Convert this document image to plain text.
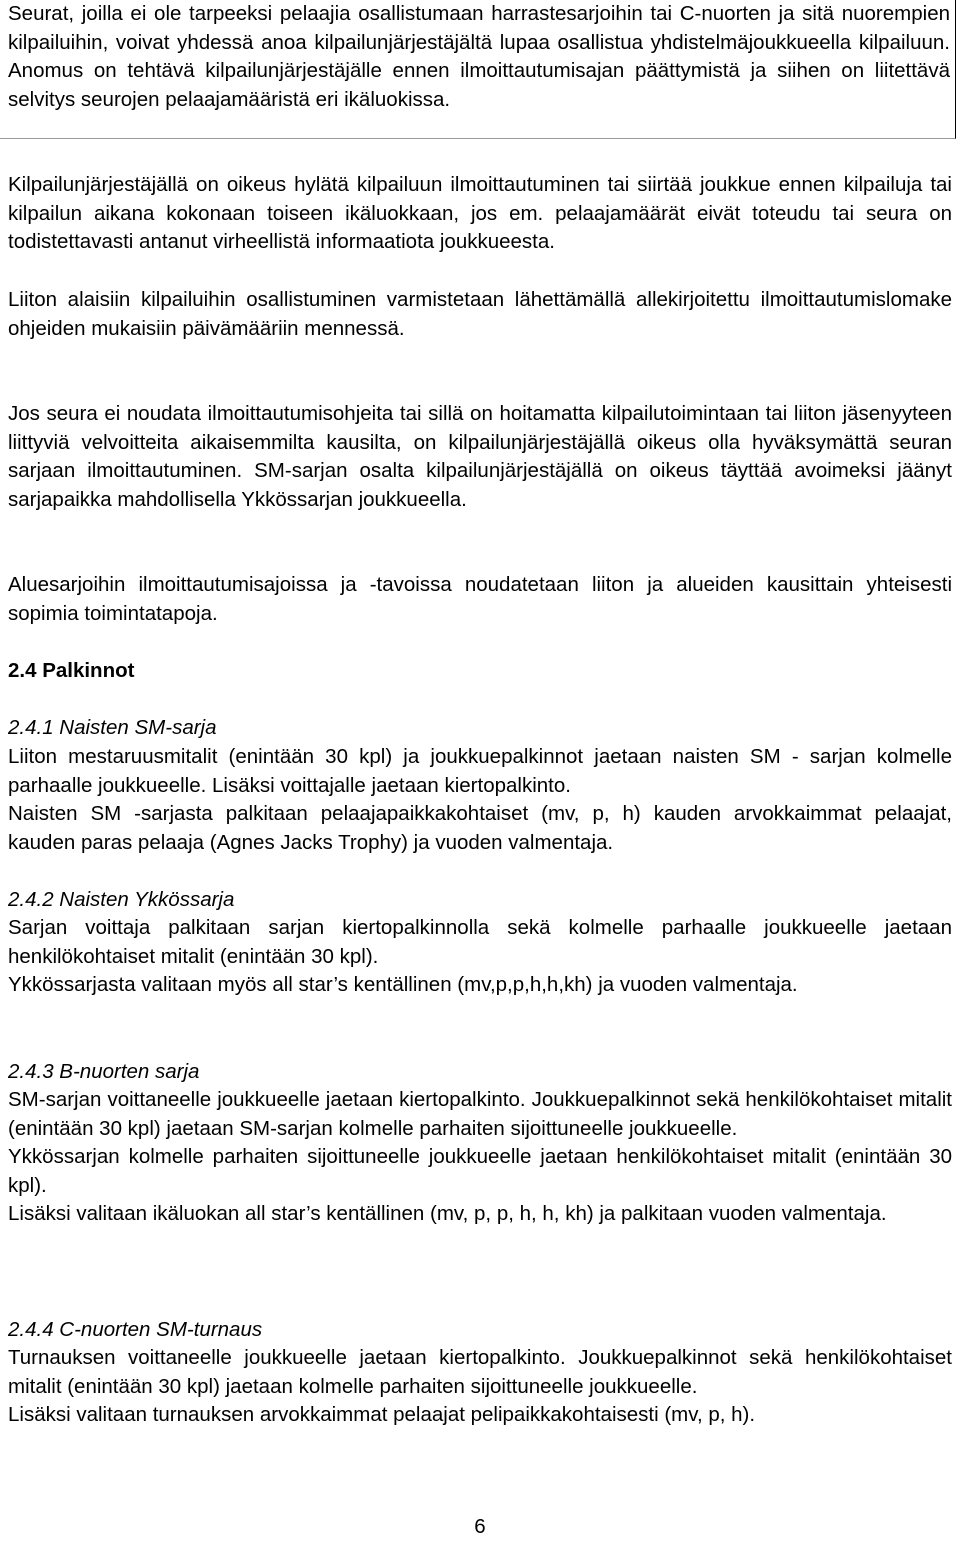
Seurat, joilla ei ole tarpeeksi pelaajia osallistumaan harrastesarjoihin tai C-nuorten ja sitä nuorempien kilpailuihin, voivat yhdessä anoa kilpailunjärjestäjältä lupaa osallistua yhdistelmäjoukkueella kilpailuun. Anomus on tehtävä kilpailunjärjestäjälle ennen ilmoittautumisajan päättymistä ja siihen on liitettävä selvitys seurojen pelaajamääristä eri ikäluokissa.

Kilpailunjärjestäjällä on oikeus hylätä kilpailuun ilmoittautuminen tai siirtää joukkue ennen kilpailuja tai kilpailun aikana kokonaan toiseen ikäluokkaan, jos em. pelaajamäärät eivät toteudu tai seura on todistettavasti antanut virheellistä informaatiota joukkueesta.

Liiton alaisiin kilpailuihin osallistuminen varmistetaan lähettämällä allekirjoitettu ilmoittautumislomake ohjeiden mukaisiin päivämääriin mennessä.

Jos seura ei noudata ilmoittautumisohjeita tai sillä on hoitamatta kilpailutoimintaan tai liiton jäsenyyteen liittyviä velvoitteita aikaisemmilta kausilta, on kilpailunjärjestäjällä oikeus olla hyväksymättä seuran sarjaan ilmoittautuminen. SM-sarjan osalta kilpailunjärjestäjällä on oikeus täyttää avoimeksi jäänyt sarjapaikka mahdollisella Ykkössarjan joukkueella.

Aluesarjoihin ilmoittautumisajoissa ja -tavoissa noudatetaan liiton ja alueiden kausittain yhteisesti sopimia toimintatapoja.

2.4 Palkinnot

2.4.1 Naisten SM-sarja

Liiton mestaruusmitalit (enintään 30 kpl) ja joukkuepalkinnot jaetaan naisten SM - sarjan kolmelle parhaalle joukkueelle. Lisäksi voittajalle jaetaan kiertopalkinto.
Naisten SM -sarjasta palkitaan pelaajapaikkakohtaiset (mv, p, h) kauden arvokkaimmat pelaajat, kauden paras pelaaja (Agnes Jacks Trophy) ja vuoden valmentaja.

2.4.2 Naisten Ykkössarja

Sarjan voittaja palkitaan sarjan kiertopalkinnolla sekä kolmelle parhaalle joukkueelle jaetaan henkilökohtaiset mitalit (enintään 30 kpl).
Ykkössarjasta valitaan myös all star’s kentällinen (mv,p,p,h,h,kh) ja vuoden valmentaja.

2.4.3 B-nuorten sarja

SM-sarjan voittaneelle joukkueelle jaetaan kiertopalkinto. Joukkuepalkinnot sekä henkilökohtaiset mitalit (enintään 30 kpl) jaetaan SM-sarjan kolmelle parhaiten sijoittuneelle joukkueelle.
Ykkössarjan kolmelle parhaiten sijoittuneelle joukkueelle jaetaan henkilökohtaiset mitalit (enintään 30 kpl).
Lisäksi valitaan ikäluokan all star’s kentällinen (mv, p, p, h, h, kh) ja palkitaan vuoden valmentaja.

2.4.4 C-nuorten SM-turnaus

Turnauksen voittaneelle joukkueelle jaetaan kiertopalkinto. Joukkuepalkinnot sekä henkilökohtaiset mitalit (enintään 30 kpl) jaetaan kolmelle parhaiten sijoittuneelle joukkueelle.
Lisäksi valitaan turnauksen arvokkaimmat pelaajat pelipaikkakohtaisesti (mv, p, h).

6
